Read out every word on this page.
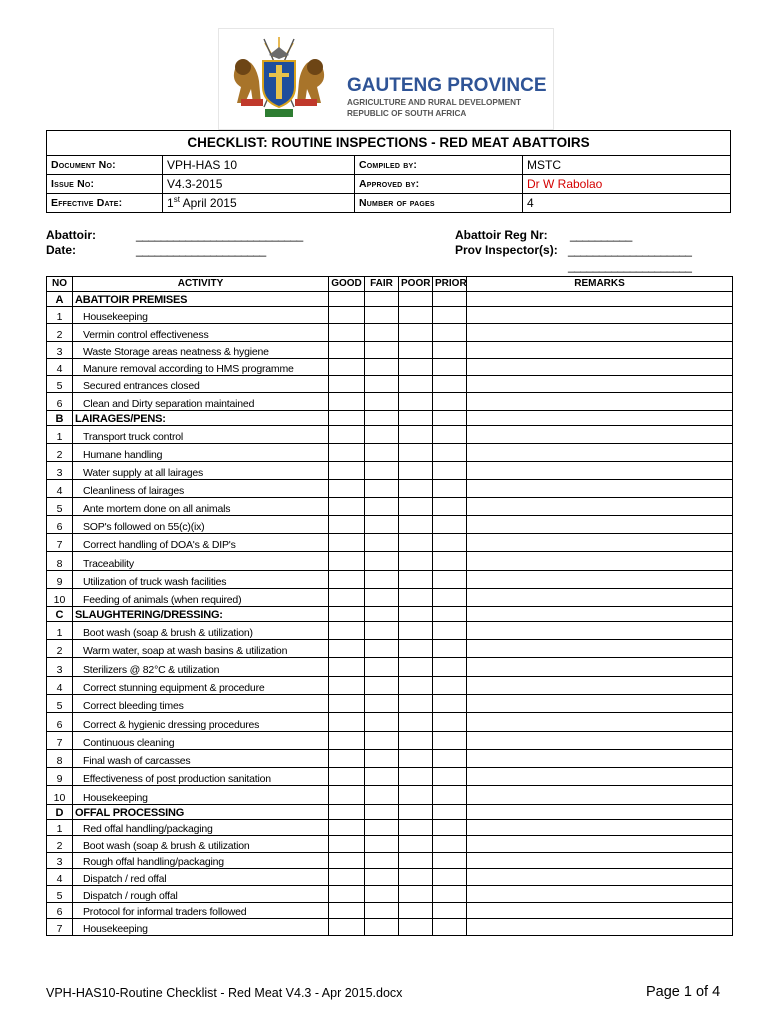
GAUTENG PROVINCE
AGRICULTURE AND RURAL DEVELOPMENT
REPUBLIC OF SOUTH AFRICA
CHECKLIST: ROUTINE INSPECTIONS - RED MEAT ABATTOIRS			
Document No:	VPH-HAS 10	Compiled by:	MSTC
Issue No:	V4.3-2015	Approved by:	Dr W Rabolao
Effective Date:	1st April 2015	Number of pages	4
Abattoir:	___________________________
Date:	_____________________
Abattoir Reg Nr: __________
Prov Inspector(s): ____________________
____________________
NO	ACTIVITY	GOOD	FAIR	POOR	PRIOR	REMARKS
A	ABATTOIR PREMISES					
1	Housekeeping					
2	Vermin control effectiveness					
3	Waste Storage areas neatness & hygiene					
4	Manure removal according to HMS programme					
5	Secured entrances closed					
6	Clean and Dirty separation maintained					
B	LAIRAGES/PENS:					
1	Transport truck control					
2	Humane handling					
3	Water supply at all lairages					
4	Cleanliness of lairages					
5	Ante mortem done on all animals					
6	SOP's followed on 55(c)(ix)					
7	Correct handling of DOA's & DIP's					
8	Traceability					
9	Utilization of truck wash facilities					
10	Feeding of animals (when required)					
C	SLAUGHTERING/DRESSING:					
1	Boot wash (soap & brush & utilization)					
2	Warm water, soap at wash basins & utilization					
3	Sterilizers @ 82°C & utilization					
4	Correct stunning equipment & procedure					
5	Correct bleeding times					
6	Correct & hygienic dressing procedures					
7	Continuous cleaning					
8	Final wash of carcasses					
9	Effectiveness of post production sanitation					
10	Housekeeping					
D	OFFAL PROCESSING					
1	Red offal handling/packaging					
2	Boot wash (soap & brush & utilization					
3	Rough offal handling/packaging					
4	Dispatch / red offal					
5	Dispatch / rough offal					
6	Protocol for informal traders followed					
7	Housekeeping					
VPH-HAS10-Routine Checklist - Red Meat V4.3 - Apr 2015.docx	Page 1 of 4
